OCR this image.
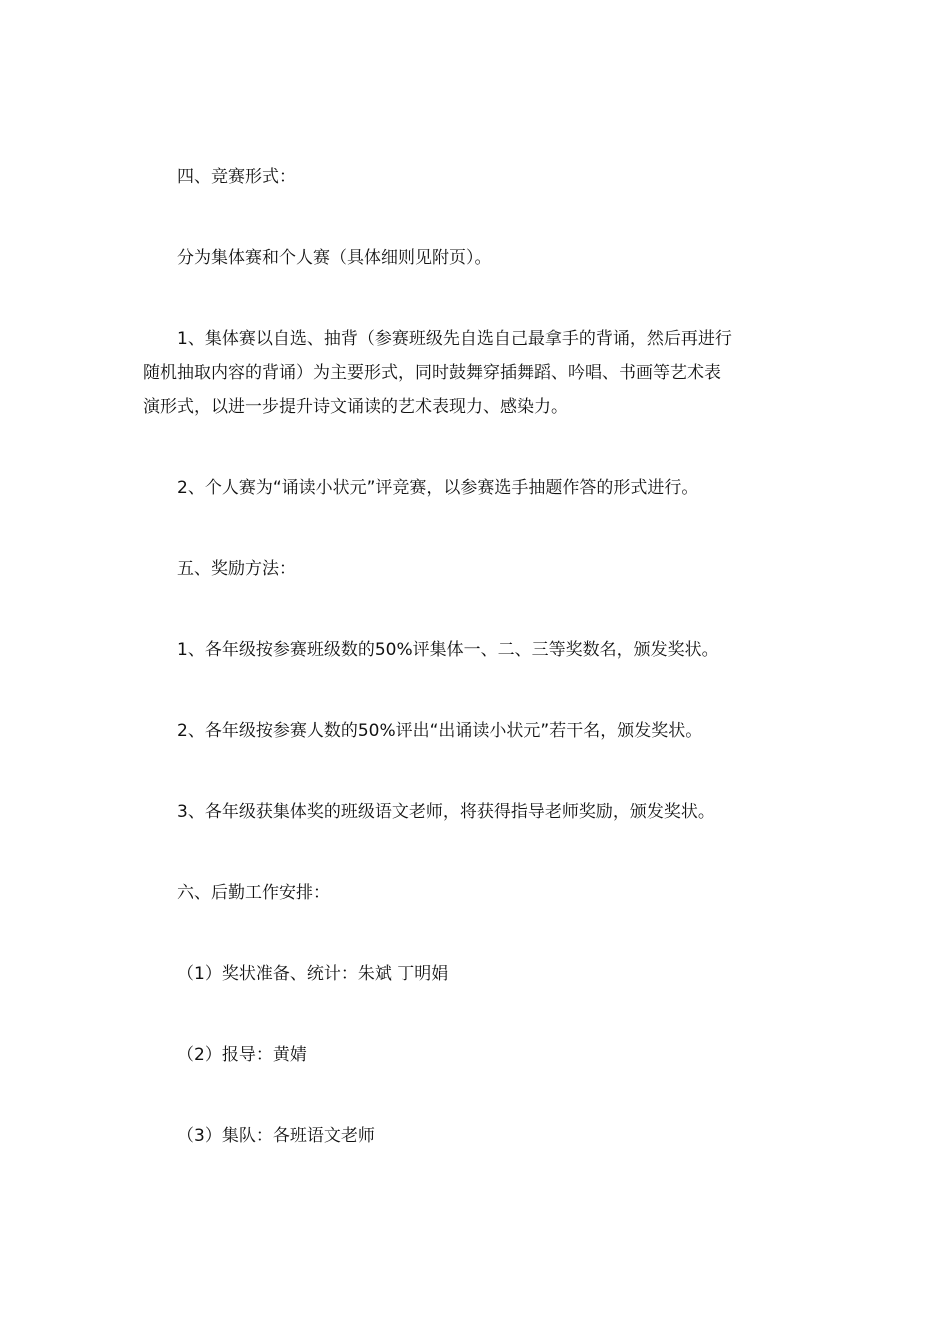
四、竞赛形式：

分为集体赛和个人赛（具体细则见附页）。

1、集体赛以自选、抽背（参赛班级先自选自己最拿手的背诵，然后再进行
随机抽取内容的背诵）为主要形式，同时鼓舞穿插舞蹈、吟唱、书画等艺术表
演形式，以进一步提升诗文诵读的艺术表现力、感染力。

2、个人赛为“诵读小状元”评竞赛，以参赛选手抽题作答的形式进行。

五、奖励方法：

1、各年级按参赛班级数的50%评集体一、二、三等奖数名，颁发奖状。

2、各年级按参赛人数的50%评出“出诵读小状元”若干名，颁发奖状。

3、各年级获集体奖的班级语文老师，将获得指导老师奖励，颁发奖状。

六、后勤工作安排：

（1）奖状准备、统计：朱斌 丁明娟

（2）报导：黄婧

（3）集队：各班语文老师
